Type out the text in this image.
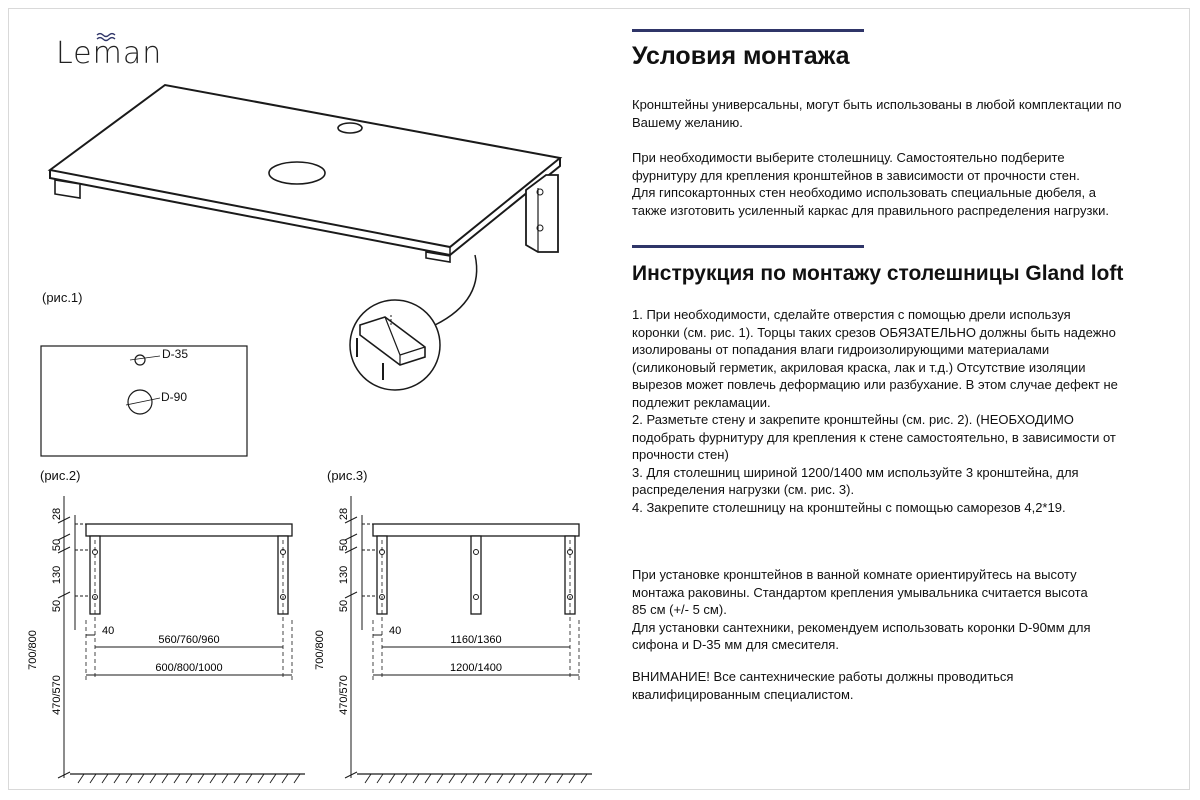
Leman
(рис.1)
D-35
D-90
(рис.2)
28
50
130
50
700/800
470/570
40
560/760/960
600/800/1000
(рис.3)
28
50
130
50
700/800
470/570
40
1160/1360
1200/1400
Условия монтажа
Кронштейны универсальны, могут быть использованы в любой комплектации по
Вашему желанию.
При необходимости выберите столешницу. Самостоятельно подберите
фурнитуру для крепления кронштейнов в зависимости от прочности стен.
Для гипсокартонных стен необходимо использовать специальные дюбеля, а
также изготовить усиленный каркас для правильного распределения нагрузки.
Инструкция по монтажу столешницы Gland loft
1. При необходимости, сделайте отверстия с помощью дрели используя
коронки (см. рис. 1). Торцы таких срезов ОБЯЗАТЕЛЬНО должны быть надежно
изолированы от попадания влаги гидроизолирующими материалами
(силиконовый герметик, акриловая краска, лак и т.д.) Отсутствие изоляции
вырезов может повлечь деформацию или разбухание. В этом случае дефект не
подлежит рекламации.
2. Разметьте стену и закрепите кронштейны (см. рис. 2). (НЕОБХОДИМО
подобрать фурнитуру для крепления к стене самостоятельно, в зависимости от
прочности стен)
3. Для столешниц шириной 1200/1400 мм используйте 3 кронштейна, для
распределения нагрузки (см. рис. 3).
4. Закрепите столешницу на кронштейны с помощью саморезов 4,2*19.
При установке кронштейнов в ванной комнате ориентируйтесь на высоту
монтажа раковины. Стандартом крепления умывальника считается высота
85 см (+/- 5 см).
Для установки сантехники, рекомендуем использовать коронки D-90мм для
сифона и D-35 мм для смесителя.
ВНИМАНИЕ! Все сантехнические работы должны проводиться
квалифицированным специалистом.
